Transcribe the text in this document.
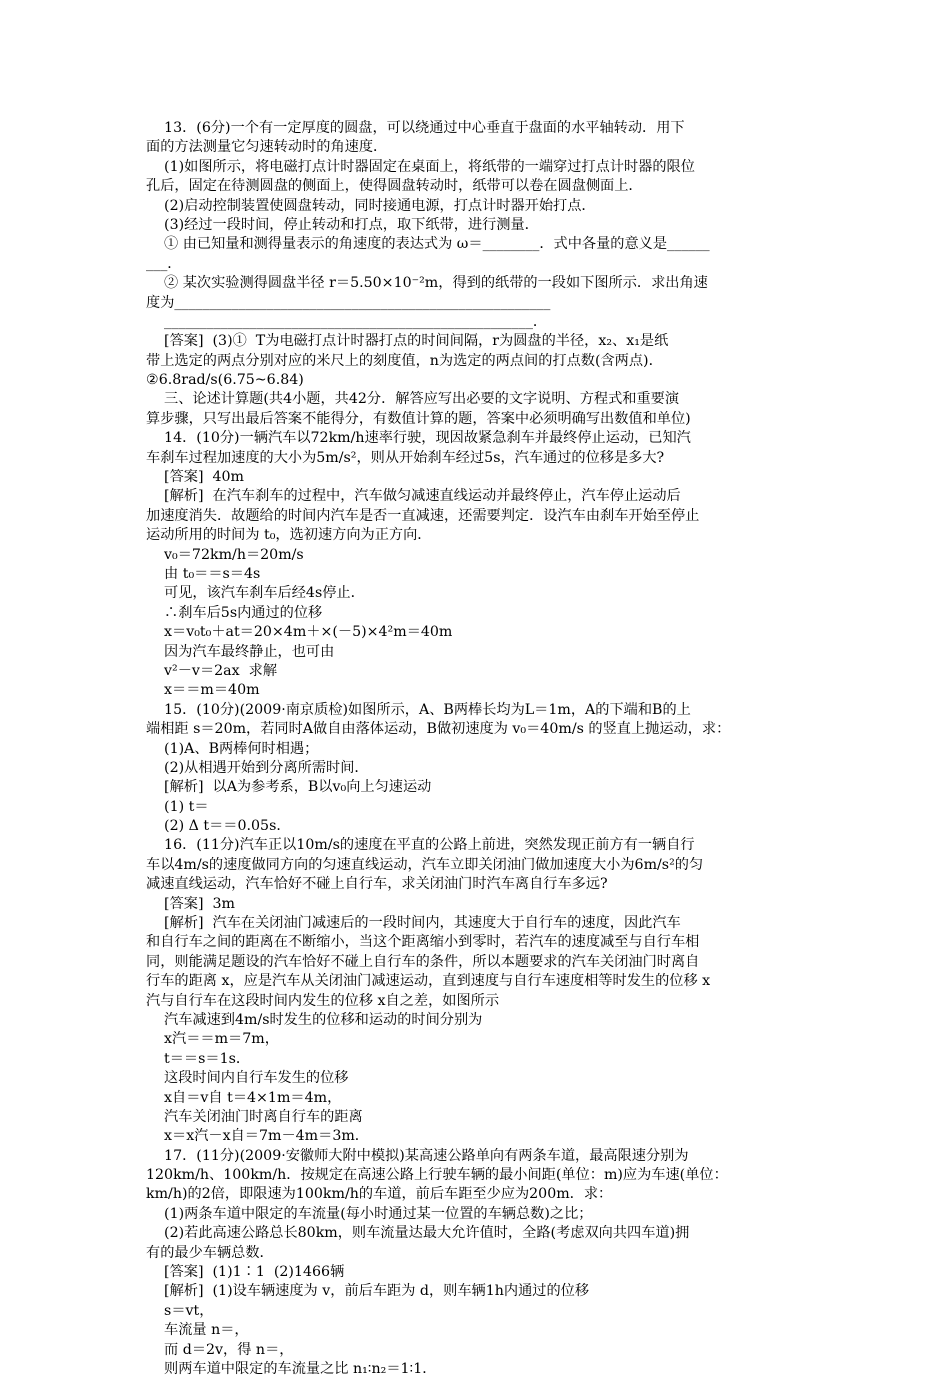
13．(6分)一个有一定厚度的圆盘，可以绕通过中心垂直于盘面的水平轴转动．用下
面的方法测量它匀速转动时的角速度．
(1)如图所示，将电磁打点计时器固定在桌面上，将纸带的一端穿过打点计时器的限位
孔后，固定在待测圆盘的侧面上，使得圆盘转动时，纸带可以卷在圆盘侧面上．
(2)启动控制装置使圆盘转动，同时接通电源，打点计时器开始打点．
(3)经过一段时间，停止转动和打点，取下纸带，进行测量．
① 由已知量和测得量表示的角速度的表达式为 ω＝________．式中各量的意义是______
___．
② 某次实验测得圆盘半径 r＝5.50×10⁻²m，得到的纸带的一段如下图所示．求出角速
度为_____________________________________________________
____________________________________________________．
[答案]  (3)①  T为电磁打点计时器打点的时间间隔，r为圆盘的半径，x₂、x₁是纸
带上选定的两点分别对应的米尺上的刻度值，n为选定的两点间的打点数(含两点)．
②6.8rad/s(6.75~6.84)
三、论述计算题(共4小题，共42分．解答应写出必要的文字说明、方程式和重要演
算步骤，只写出最后答案不能得分，有数值计算的题，答案中必须明确写出数值和单位)
14．(10分)一辆汽车以72km/h速率行驶，现因故紧急刹车并最终停止运动，已知汽
车刹车过程加速度的大小为5m/s²，则从开始刹车经过5s，汽车通过的位移是多大?
[答案]  40m
[解析]  在汽车刹车的过程中，汽车做匀减速直线运动并最终停止，汽车停止运动后
加速度消失．故题给的时间内汽车是否一直减速，还需要判定．设汽车由刹车开始至停止
运动所用的时间为 t₀，选初速方向为正方向．
v₀＝72km/h＝20m/s
由 t₀＝＝s＝4s
可见，该汽车刹车后经4s停止．
∴刹车后5s内通过的位移
x＝v₀t₀＋at＝20×4m＋×(－5)×4²m＝40m
因为汽车最终静止，也可由
v²－v＝2ax  求解
x＝＝m＝40m
15．(10分)(2009·南京质检)如图所示，A、B两棒长均为L＝1m，A的下端和B的上
端相距 s＝20m，若同时A做自由落体运动，B做初速度为 v₀＝40m/s 的竖直上抛运动，求：
(1)A、B两棒何时相遇；
(2)从相遇开始到分离所需时间．
[解析]  以A为参考系，B以v₀向上匀速运动
(1) t＝
(2) Δ t＝＝0.05s．
16．(11分)汽车正以10m/s的速度在平直的公路上前进，突然发现正前方有一辆自行
车以4m/s的速度做同方向的匀速直线运动，汽车立即关闭油门做加速度大小为6m/s²的匀
减速直线运动，汽车恰好不碰上自行车，求关闭油门时汽车离自行车多远?
[答案]  3m
[解析]  汽车在关闭油门减速后的一段时间内，其速度大于自行车的速度，因此汽车
和自行车之间的距离在不断缩小，当这个距离缩小到零时，若汽车的速度减至与自行车相
同，则能满足题设的汽车恰好不碰上自行车的条件，所以本题要求的汽车关闭油门时离自
行车的距离 x，应是汽车从关闭油门减速运动，直到速度与自行车速度相等时发生的位移 x
汽与自行车在这段时间内发生的位移 x自之差，如图所示
汽车减速到4m/s时发生的位移和运动的时间分别为
x汽＝＝m＝7m，
t＝＝s＝1s．
这段时间内自行车发生的位移
x自＝v自 t＝4×1m＝4m，
汽车关闭油门时离自行车的距离
x＝x汽－x自＝7m－4m＝3m．
17．(11分)(2009·安徽师大附中模拟)某高速公路单向有两条车道，最高限速分别为
120km/h、100km/h．按规定在高速公路上行驶车辆的最小间距(单位：m)应为车速(单位：
km/h)的2倍，即限速为100km/h的车道，前后车距至少应为200m．求：
(1)两条车道中限定的车流量(每小时通过某一位置的车辆总数)之比；
(2)若此高速公路总长80km，则车流量达最大允许值时，全路(考虑双向共四车道)拥
有的最少车辆总数．
[答案]  (1)1∶1  (2)1466辆
[解析]  (1)设车辆速度为 v，前后车距为 d，则车辆1h内通过的位移
s＝vt，
车流量 n＝，
而 d＝2v，得 n＝，
则两车道中限定的车流量之比 n₁∶n₂＝1∶1．
